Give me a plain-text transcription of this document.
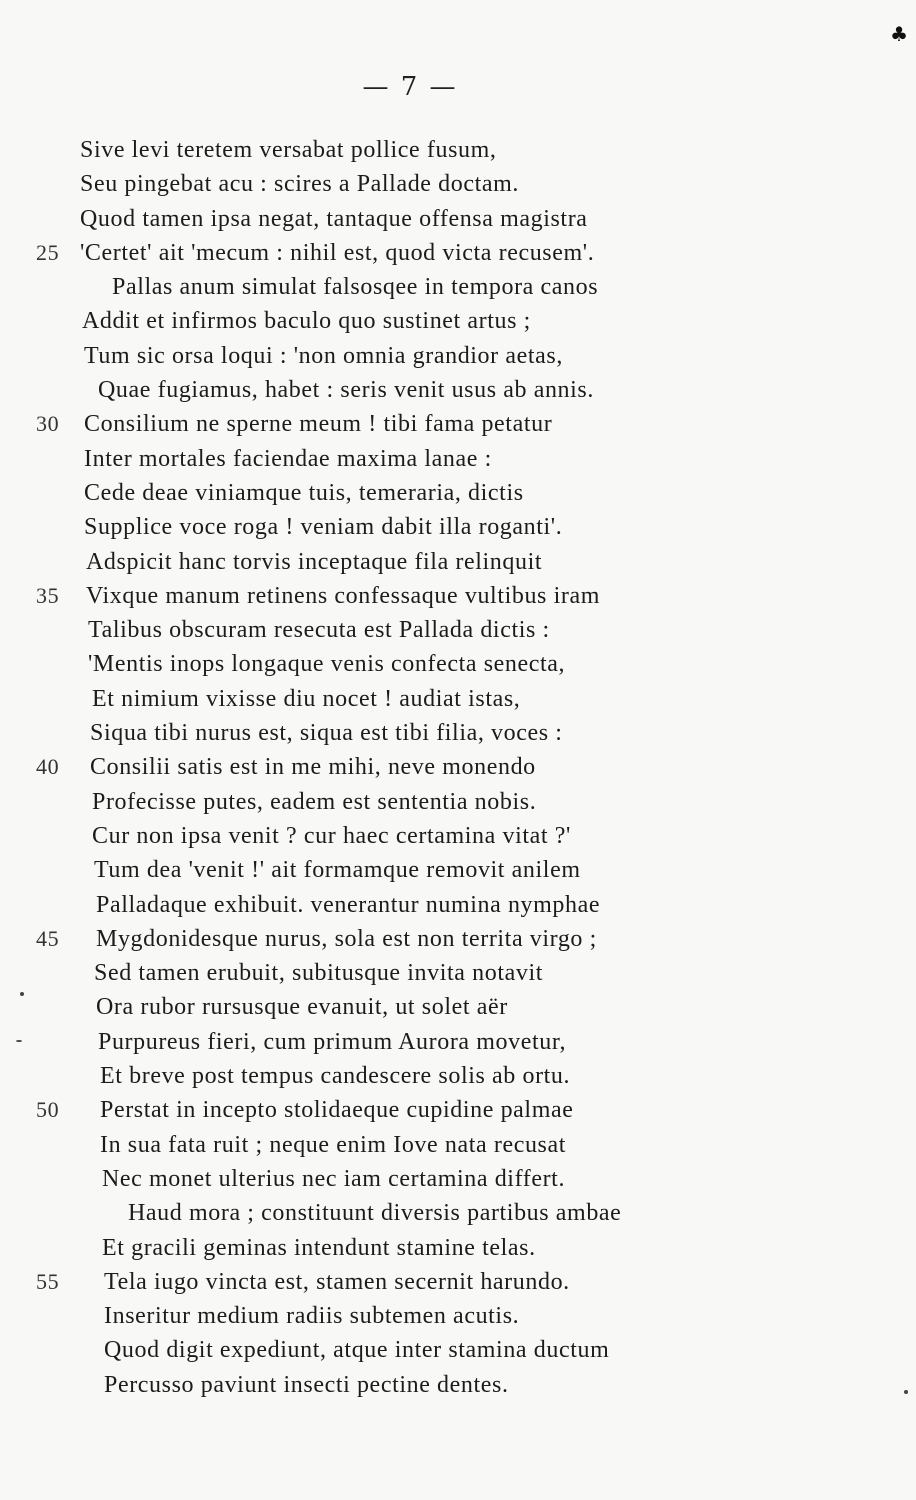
— 7 —
♣
Sive levi teretem versabat pollice fusum,
Seu pingebat acu : scires a Pallade doctam.
Quod tamen ipsa negat, tantaque offensa magistra
25 'Certet' ait 'mecum : nihil est, quod victa recusem'.
Pallas anum simulat falsosqee in tempora canos
Addit et infirmos baculo quo sustinet artus ;
Tum sic orsa loqui : 'non omnia grandior aetas,
Quae fugiamus, habet : seris venit usus ab annis.
30	Consilium ne sperne meum ! tibi fama petatur
Inter mortales faciendae maxima lanae :
Cede deae viniamque tuis, temeraria, dictis
Supplice voce roga ! veniam dabit illa roganti'.
Adspicit hanc torvis inceptaque fila relinquit
35	Vixque manum retinens confessaque vultibus iram
Talibus obscuram resecuta est Pallada dictis :
'Mentis inops longaque venis confecta senecta,
Et nimium vixisse diu nocet ! audiat istas,
Siqua tibi nurus est, siqua est tibi filia, voces :
40	Consilii satis est in me mihi, neve monendo
Profecisse putes, eadem est sententia nobis.
Cur non ipsa venit ? cur haec certamina vitat ?'
Tum dea 'venit !' ait formamque removit anilem
Palladaque exhibuit. venerantur numina nymphae
45	Mygdonidesque nurus, sola est non territa virgo ;
Sed tamen erubuit, subitusque invita notavit
Ora rubor rursusque evanuit, ut solet aër
Purpureus fieri, cum primum Aurora movetur,
Et breve post tempus candescere solis ab ortu.
50	Perstat in incepto stolidaeque cupidine palmae
In sua fata ruit ; neque enim Iove nata recusat
Nec monet ulterius nec iam certamina differt.
Haud mora ; constituunt diversis partibus ambae
Et gracili geminas intendunt stamine telas.
55	Tela iugo vincta est, stamen secernit harundo.
Inseritur medium radiis subtemen acutis.
Quod digit expediunt, atque inter stamina ductum
Percusso paviunt insecti pectine dentes.
